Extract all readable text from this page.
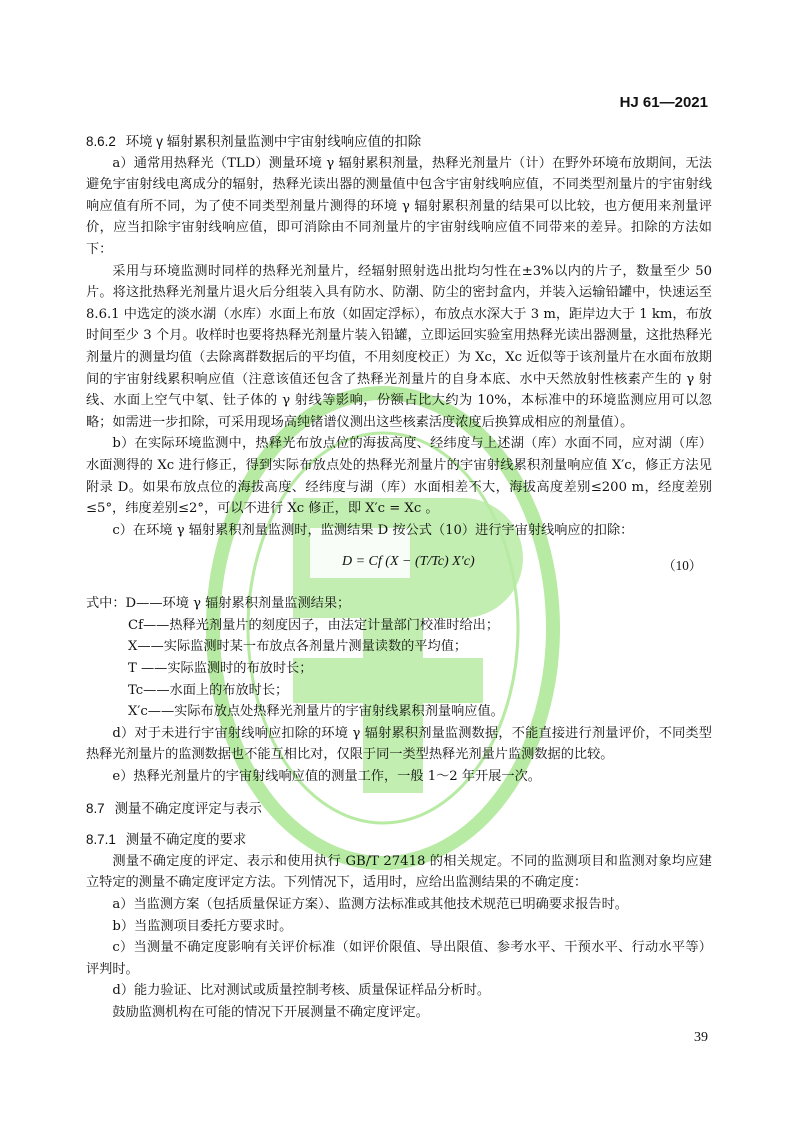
HJ 61—2021

8.6.2 环境 γ 辐射累积剂量监测中宇宙射线响应值的扣除

a）通常用热释光（TLD）测量环境 γ 辐射累积剂量，热释光剂量片（计）在野外环境布放期间，无法避免宇宙射线电离成分的辐射，热释光读出器的测量值中包含宇宙射线响应值，不同类型剂量片的宇宙射线响应值有所不同，为了使不同类型剂量片测得的环境 γ 辐射累积剂量的结果可以比较，也方便用来剂量评价，应当扣除宇宙射线响应值，即可消除由不同剂量片的宇宙射线响应值不同带来的差异。扣除的方法如下：

采用与环境监测时同样的热释光剂量片，经辐射照射选出批均匀性在±3%以内的片子，数量至少 50 片。将这批热释光剂量片退火后分组装入具有防水、防潮、防尘的密封盒内，并装入运输铅罐中，快速运至 8.6.1 中选定的淡水湖（水库）水面上布放（如固定浮标），布放点水深大于 3 m，距岸边大于 1 km，布放时间至少 3 个月。收样时也要将热释光剂量片装入铅罐，立即运回实验室用热释光读出器测量，这批热释光剂量片的测量均值（去除离群数据后的平均值，不用刻度校正）为 Xc，Xc 近似等于该剂量片在水面布放期间的宇宙射线累积响应值（注意该值还包含了热释光剂量片的自身本底、水中天然放射性核素产生的 γ 射线、水面上空气中氡、钍子体的 γ 射线等影响，份额占比大约为 10%，本标准中的环境监测应用可以忽略；如需进一步扣除，可采用现场高纯锗谱仪测出这些核素活度浓度后换算成相应的剂量值）。

b）在实际环境监测中，热释光布放点位的海拔高度、经纬度与上述湖（库）水面不同，应对湖（库）水面测得的 Xc 进行修正，得到实际布放点处的热释光剂量片的宇宙射线累积剂量响应值 X′c，修正方法见附录 D。如果布放点位的海拔高度、经纬度与湖（库）水面相差不大，海拔高度差别≤200 m，经度差别≤5°，纬度差别≤2°，可以不进行 Xc 修正，即 X′c = Xc 。

c）在环境 γ 辐射累积剂量监测时，监测结果 D 按公式（10）进行宇宙射线响应的扣除：

D = Cf (X − (T/Tc) X′c)	（10）

式中：D——环境 γ 辐射累积剂量监测结果；

Cf——热释光剂量片的刻度因子，由法定计量部门校准时给出；

X——实际监测时某一布放点各剂量片测量读数的平均值；

T ——实际监测时的布放时长；

Tc——水面上的布放时长；

X′c——实际布放点处热释光剂量片的宇宙射线累积剂量响应值。

d）对于未进行宇宙射线响应扣除的环境 γ 辐射累积剂量监测数据，不能直接进行剂量评价，不同类型热释光剂量片的监测数据也不能互相比对，仅限于同一类型热释光剂量片监测数据的比较。

e）热释光剂量片的宇宙射线响应值的测量工作，一般 1～2 年开展一次。

8.7 测量不确定度评定与表示

8.7.1 测量不确定度的要求

测量不确定度的评定、表示和使用执行 GB/T 27418 的相关规定。不同的监测项目和监测对象均应建立特定的测量不确定度评定方法。下列情况下，适用时，应给出监测结果的不确定度：

a）当监测方案（包括质量保证方案）、监测方法标准或其他技术规范已明确要求报告时。

b）当监测项目委托方要求时。

c）当测量不确定度影响有关评价标准（如评价限值、导出限值、参考水平、干预水平、行动水平等）评判时。

d）能力验证、比对测试或质量控制考核、质量保证样品分析时。

鼓励监测机构在可能的情况下开展测量不确定度评定。

39
